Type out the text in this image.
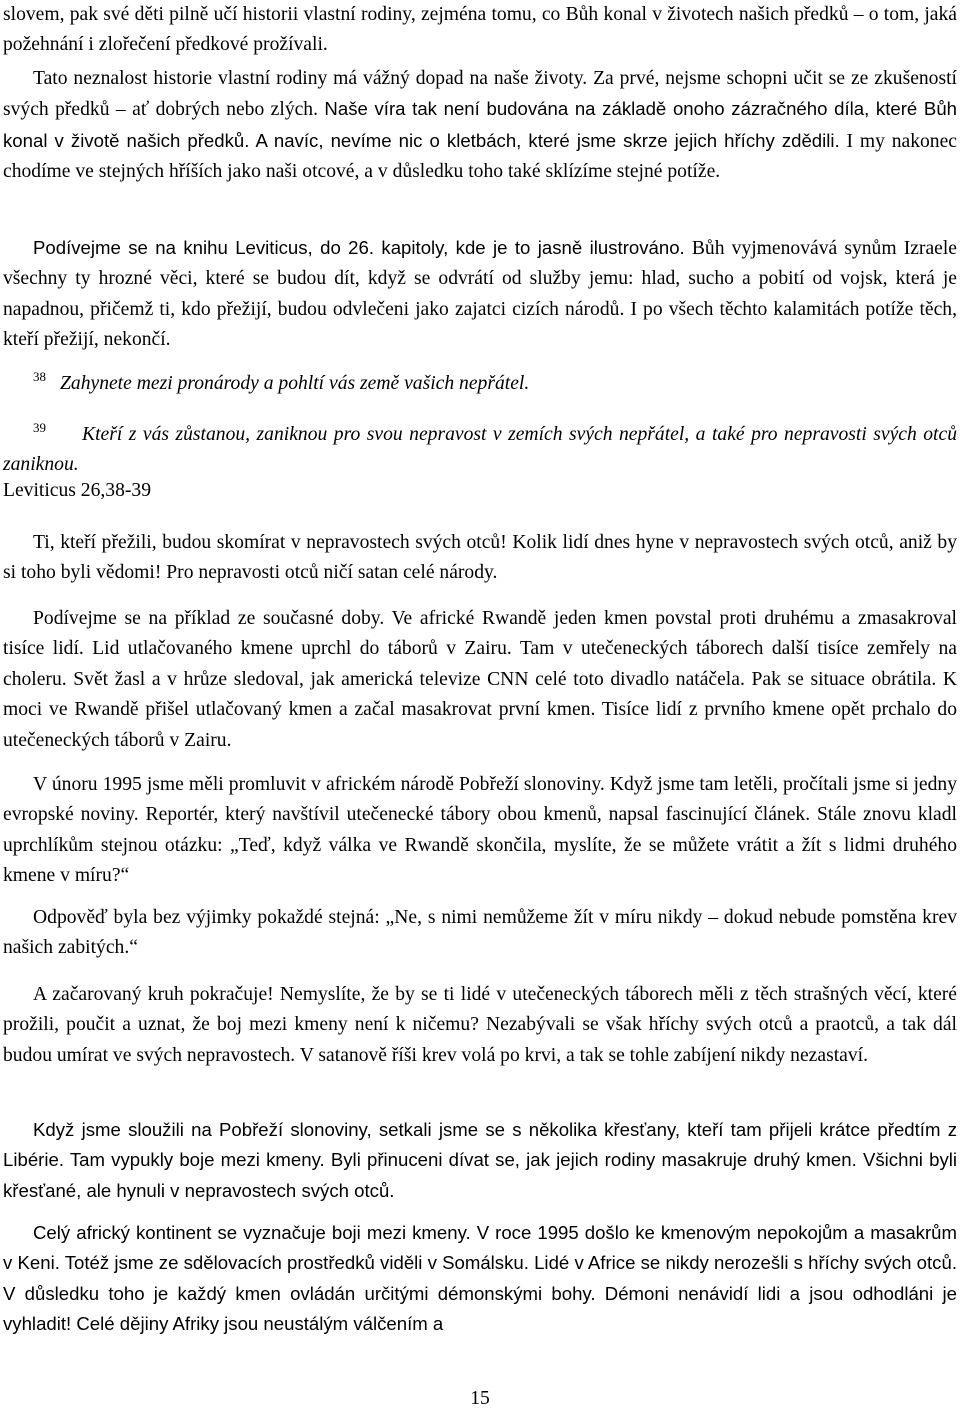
slovem, pak své děti pilně učí historii vlastní rodiny, zejména tomu, co Bůh konal v životech našich předků – o tom, jaká požehnání i zlořečení předkové prožívali.

Tato neznalost historie vlastní rodiny má vážný dopad na naše životy. Za prvé, nejsme schopni učit se ze zkušeností svých předků – ať dobrých nebo zlých. Naše víra tak není budována na základě onoho zázračného díla, které Bůh konal v životě našich předků. A navíc, nevíme nic o kletbách, které jsme skrze jejich hříchy zdědili. I my nakonec chodíme ve stejných hříších jako naši otcové, a v důsledku toho také sklízíme stejné potíže.

Podívejme se na knihu Leviticus, do 26. kapitoly, kde je to jasně ilustrováno. Bůh vyjmenovává synům Izraele všechny ty hrozné věci, které se budou dít, když se odvrátí od služby jemu: hlad, sucho a pobití od vojsk, která je napadnou, přičemž ti, kdo přežijí, budou odvlečeni jako zajatci cizích národů. I po všech těchto kalamitách potíže těch, kteří přežijí, nekončí.

$^{38}$ Zahynete mezi pronárody a pohltí vás země vašich nepřátel.

$^{39}$ Kteří z vás zůstanou, zaniknou pro svou nepravost v zemích svých nepřátel, a také pro nepravosti svých otců zaniknou.

Leviticus 26,38-39

Ti, kteří přežili, budou skomírat v nepravostech svých otců! Kolik lidí dnes hyne v nepravostech svých otců, aniž by si toho byli vědomi! Pro nepravosti otců ničí satan celé národy.

Podívejme se na příklad ze současné doby. Ve africké Rwandě jeden kmen povstal proti druhému a zmasakroval tisíce lidí. Lid utlačovaného kmene uprchl do táborů v Zairu. Tam v utečeneckých táborech další tisíce zemřely na choleru. Svět žasl a v hrůze sledoval, jak americká televize CNN celé toto divadlo natáčela. Pak se situace obrátila. K moci ve Rwandě přišel utlačovaný kmen a začal masakrovat první kmen. Tisíce lidí z prvního kmene opět prchalo do utečeneckých táborů v Zairu.

V únoru 1995 jsme měli promluvit v africkém národě Pobřeží slonoviny. Když jsme tam letěli, pročítali jsme si jedny evropské noviny. Reportér, který navštívil utečenecké tábory obou kmenů, napsal fascinující článek. Stále znovu kladl uprchlíkům stejnou otázku: „Teď, když válka ve Rwandě skončila, myslíte, že se můžete vrátit a žít s lidmi druhého kmene v míru?“

Odpověď byla bez výjimky pokaždé stejná: „Ne, s nimi nemůžeme žít v míru nikdy – dokud nebude pomstěna krev našich zabitých.“

A začarovaný kruh pokračuje! Nemyslíte, že by se ti lidé v utečeneckých táborech měli z těch strašných věcí, které prožili, poučit a uznat, že boj mezi kmeny není k ničemu? Nezabývali se však hříchy svých otců a praotců, a tak dál budou umírat ve svých nepravostech. V satanově říši krev volá po krvi, a tak se tohle zabíjení nikdy nezastaví.

Když jsme sloužili na Pobřeží slonoviny, setkali jsme se s několika křesťany, kteří tam přijeli krátce předtím z Libérie. Tam vypukly boje mezi kmeny. Byli přinuceni dívat se, jak jejich rodiny masakruje druhý kmen. Všichni byli křesťané, ale hynuli v nepravostech svých otců.

Celý africký kontinent se vyznačuje boji mezi kmeny. V roce 1995 došlo ke kmenovým nepokojům a masakrům v Keni. Totéž jsme ze sdělovacích prostředků viděli v Somálsku. Lidé v Africe se nikdy nerozešli s hříchy svých otců. V důsledku toho je každý kmen ovládán určitými démonskými bohy. Démoni nenávidí lidi a jsou odhodláni je vyhladit! Celé dějiny Afriky jsou neustálým válčením a

15
